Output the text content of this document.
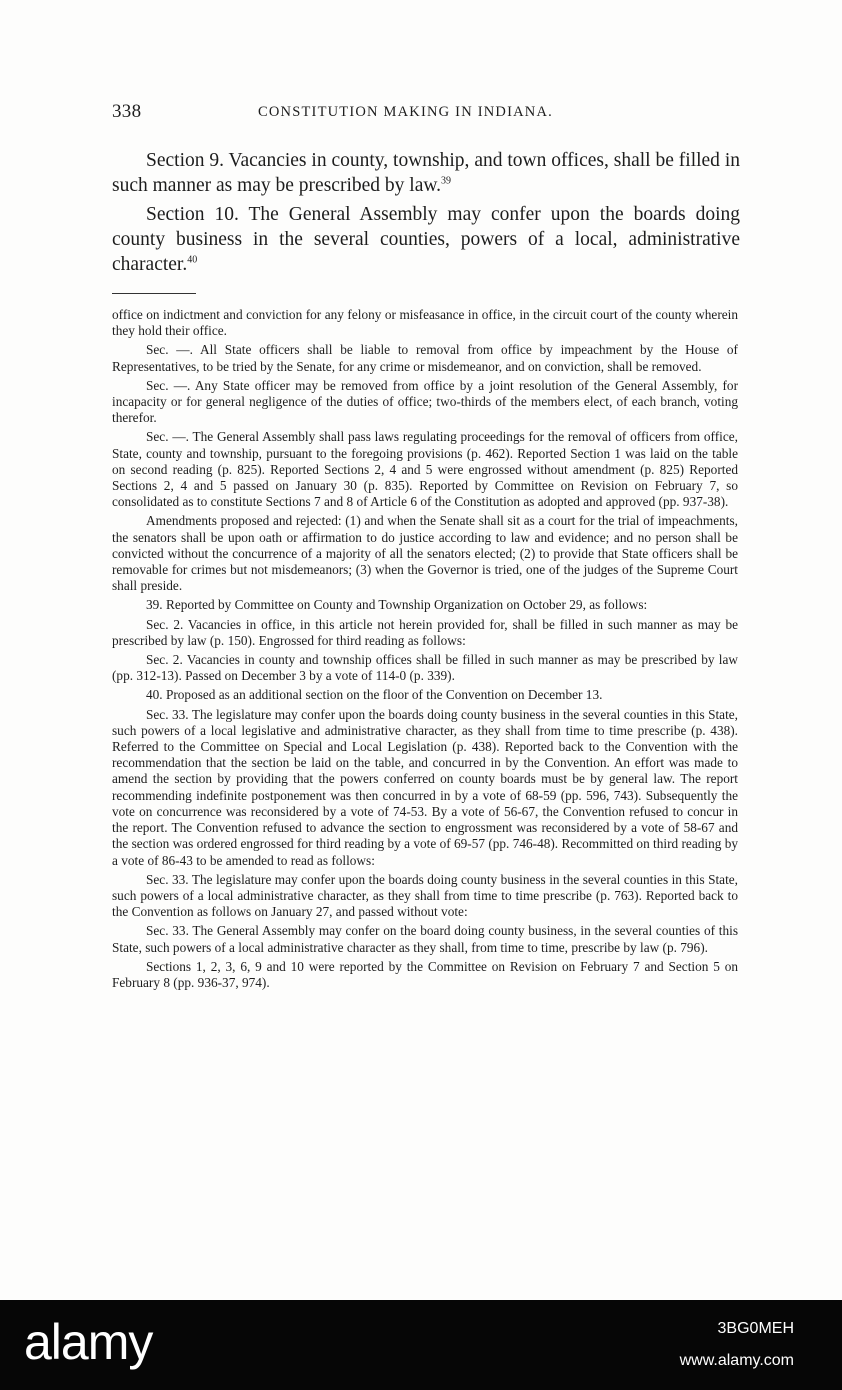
338	CONSTITUTION MAKING IN INDIANA.

Section 9. Vacancies in county, township, and town offices, shall be filled in such manner as may be prescribed by law.$^{39}$

Section 10. The General Assembly may confer upon the boards doing county business in the several counties, powers of a local, administrative character.$^{40}$

office on indictment and conviction for any felony or misfeasance in office, in the circuit court of the county wherein they hold their office.

Sec. —. All State officers shall be liable to removal from office by impeachment by the House of Representatives, to be tried by the Senate, for any crime or misdemeanor, and on conviction, shall be removed.

Sec. —. Any State officer may be removed from office by a joint resolution of the General Assembly, for incapacity or for general negligence of the duties of office; two-thirds of the members elect, of each branch, voting therefor.

Sec. —. The General Assembly shall pass laws regulating proceedings for the removal of officers from office, State, county and township, pursuant to the foregoing provisions (p. 462). Reported Section 1 was laid on the table on second reading (p. 825). Reported Sections 2, 4 and 5 were engrossed without amendment (p. 825) Reported Sections 2, 4 and 5 passed on January 30 (p. 835). Reported by Committee on Revision on February 7, so consolidated as to constitute Sections 7 and 8 of Article 6 of the Constitution as adopted and approved (pp. 937-38).

Amendments proposed and rejected: (1) and when the Senate shall sit as a court for the trial of impeachments, the senators shall be upon oath or affirmation to do justice according to law and evidence; and no person shall be convicted without the concurrence of a majority of all the senators elected; (2) to provide that State officers shall be removable for crimes but not misdemeanors; (3) when the Governor is tried, one of the judges of the Supreme Court shall preside.

39. Reported by Committee on County and Township Organization on October 29, as follows:

Sec. 2. Vacancies in office, in this article not herein provided for, shall be filled in such manner as may be prescribed by law (p. 150). Engrossed for third reading as follows:

Sec. 2. Vacancies in county and township offices shall be filled in such manner as may be prescribed by law (pp. 312-13). Passed on December 3 by a vote of 114-0 (p. 339).

40. Proposed as an additional section on the floor of the Convention on December 13.

Sec. 33. The legislature may confer upon the boards doing county business in the several counties in this State, such powers of a local legislative and administrative character, as they shall from time to time prescribe (p. 438). Referred to the Committee on Special and Local Legislation (p. 438). Reported back to the Convention with the recommendation that the section be laid on the table, and concurred in by the Convention. An effort was made to amend the section by providing that the powers conferred on county boards must be by general law. The report recommending indefinite postponement was then concurred in by a vote of 68-59 (pp. 596, 743). Subsequently the vote on concurrence was reconsidered by a vote of 74-53. By a vote of 56-67, the Convention refused to concur in the report. The Convention refused to advance the section to engrossment was reconsidered by a vote of 58-67 and the section was ordered engrossed for third reading by a vote of 69-57 (pp. 746-48). Recommitted on third reading by a vote of 86-43 to be amended to read as follows:

Sec. 33. The legislature may confer upon the boards doing county business in the several counties in this State, such powers of a local administrative character, as they shall from time to time prescribe (p. 763). Reported back to the Convention as follows on January 27, and passed without vote:

Sec. 33. The General Assembly may confer on the board doing county business, in the several counties of this State, such powers of a local administrative character as they shall, from time to time, prescribe by law (p. 796).

Sections 1, 2, 3, 6, 9 and 10 were reported by the Committee on Revision on February 7 and Section 5 on February 8 (pp. 936-37, 974).

alamy	3BG0MEH
www.alamy.com
